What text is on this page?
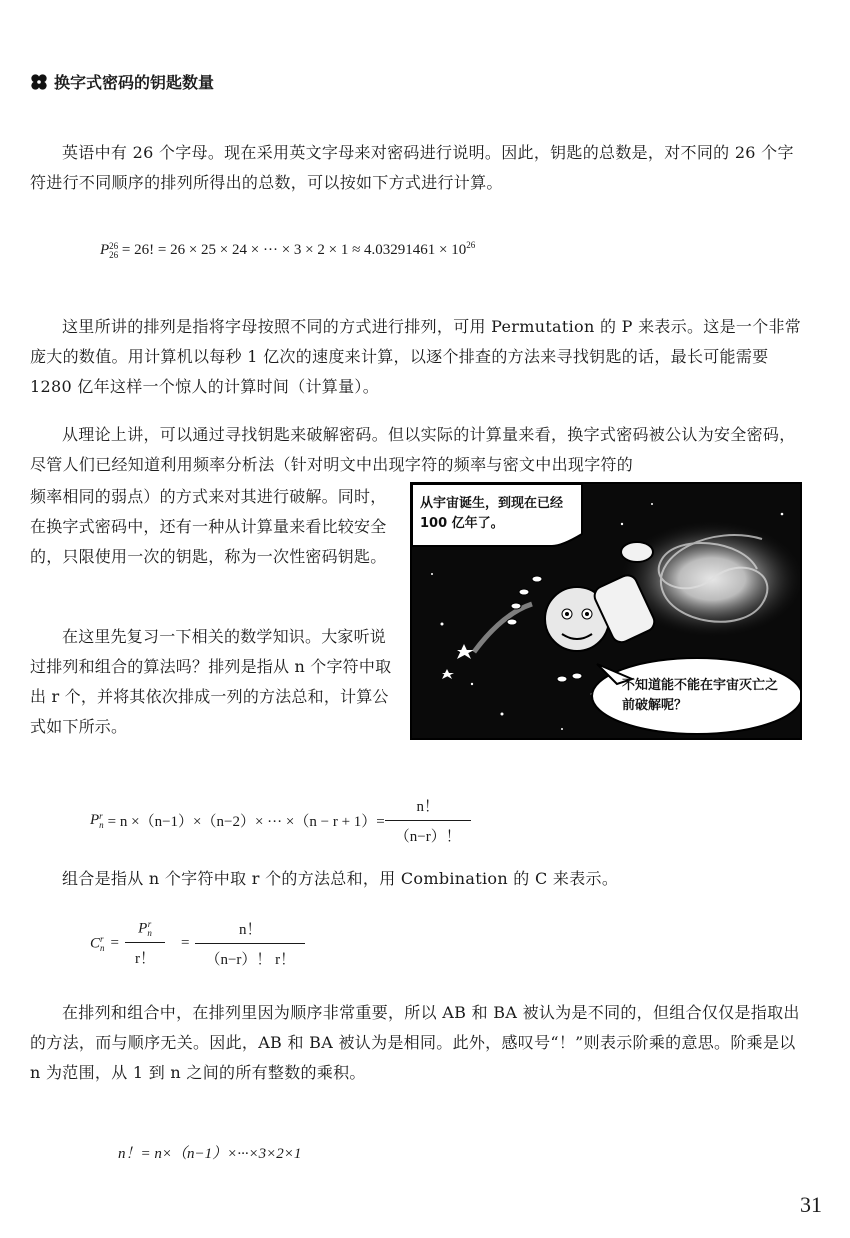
换字式密码的钥匙数量

英语中有 26 个字母。现在采用英文字母来对密码进行说明。因此，钥匙的总数是，对不同的 26 个字符进行不同顺序的排列所得出的总数，可以按如下方式进行计算。

P 26
26 = 26! = 26 × 25 × 24 × ··· × $3 \times 2 \times 1 \approx 4.03291461 \times 10^{26}$

这里所讲的排列是指将字母按照不同的方式进行排列，可用 Permutation 的 P 来表示。这是一个非常庞大的数值。用计算机以每秒 1 亿次的速度来计算，以逐个排查的方法来寻找钥匙的话，最长可能需要 1280 亿年这样一个惊人的计算时间（计算量）。

从理论上讲，可以通过寻找钥匙来破解密码。但以实际的计算量来看，换字式密码被公认为安全密码，尽管人们已经知道利用频率分析法（针对明文中出现字符的频率与密文中出现字符的

频率相同的弱点）的方式来对其进行破解。同时，在换字式密码中，还有一种从计算量来看比较安全的，只限使用一次的钥匙，称为一次性密码钥匙。

在这里先复习一下相关的数学知识。大家听说过排列和组合的算法吗？排列是指从 n 个字符中取出 r 个，并将其依次排成一列的方法总和，计算公式如下所示。

从宇宙诞生，到现在已经 100 亿年了。
不知道能不能在宇宙灭亡之前破解呢？
P r
n = n ×（n−1）×（n−2）× ··· $\times(n - r + 1)= \frac{n!}{(n-r)!}$

组合是指从 n 个字符中取 r 个的方法总和，用 Combination 的 C 来表示。

C r
n = P r
n
r！ = $\frac{n!}{(n-r)! r!}$

在排列和组合中，在排列里因为顺序非常重要，所以 AB 和 BA 被认为是不同的，但组合仅仅是指取出的方法，而与顺序无关。因此，AB 和 BA 被认为是相同。此外，感叹号“！”则表示阶乘的意思。阶乘是以 n 为范围，从 1 到 n 之间的所有整数的乘积。

n！= n×（n−1）×···×3×2×1
31
